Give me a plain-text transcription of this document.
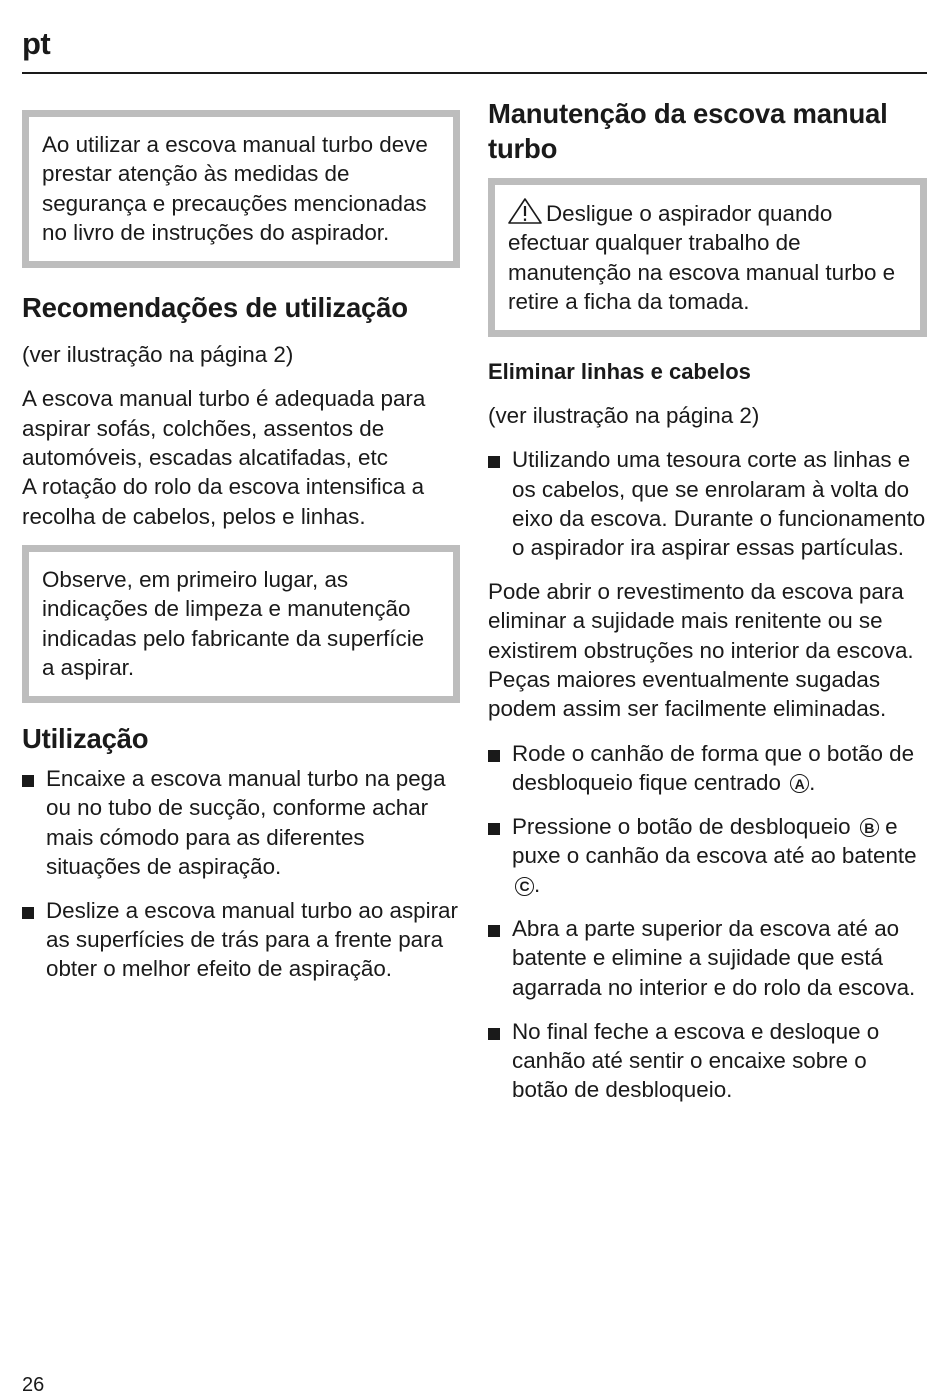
pt
Ao utilizar a escova manual turbo deve prestar atenção às medidas de segurança e precauções mencionadas no livro de instruções do aspirador.
Recomendações de utilização

(ver ilustração na página 2)

A escova manual turbo é adequada para aspirar sofás, colchões, assentos de automóveis, escadas alcatifadas, etc

A rotação do rolo da escova intensifica a recolha de cabelos, pelos e linhas.

Observe, em primeiro lugar, as indicações de limpeza e manutenção indicadas pelo fabricante da superfície a aspirar.
Utilização
Encaixe a escova manual turbo na pega ou no tubo de sucção, conforme achar mais cómodo para as diferentes situações de aspiração.
Deslize a escova manual turbo ao aspirar as superfícies de trás para a frente para obter o melhor efeito de aspiração.
Manutenção da escova manual turbo
Desligue o aspirador quando efectuar qualquer trabalho de manutenção na escova manual turbo e retire a ficha da tomada.
Eliminar linhas e cabelos

(ver ilustração na página 2)

Utilizando uma tesoura corte as linhas e os cabelos, que se enrolaram à volta do eixo da escova. Durante o funcionamento o aspirador ira aspirar essas partículas.

Pode abrir o revestimento da escova para eliminar a sujidade mais renitente ou se existirem obstruções no interior da escova. Peças maiores eventualmente sugadas podem assim ser facilmente eliminadas.

Rode o canhão de forma que o botão de desbloqueio fique centrado A .
Pressione o botão de desbloqueio B e puxe o canhão da escova até ao batente C .
Abra a parte superior da escova até ao batente e elimine a sujidade que está agarrada no interior e do rolo da escova.
No final feche a escova e desloque o canhão até sentir o encaixe sobre o botão de desbloqueio.
26
